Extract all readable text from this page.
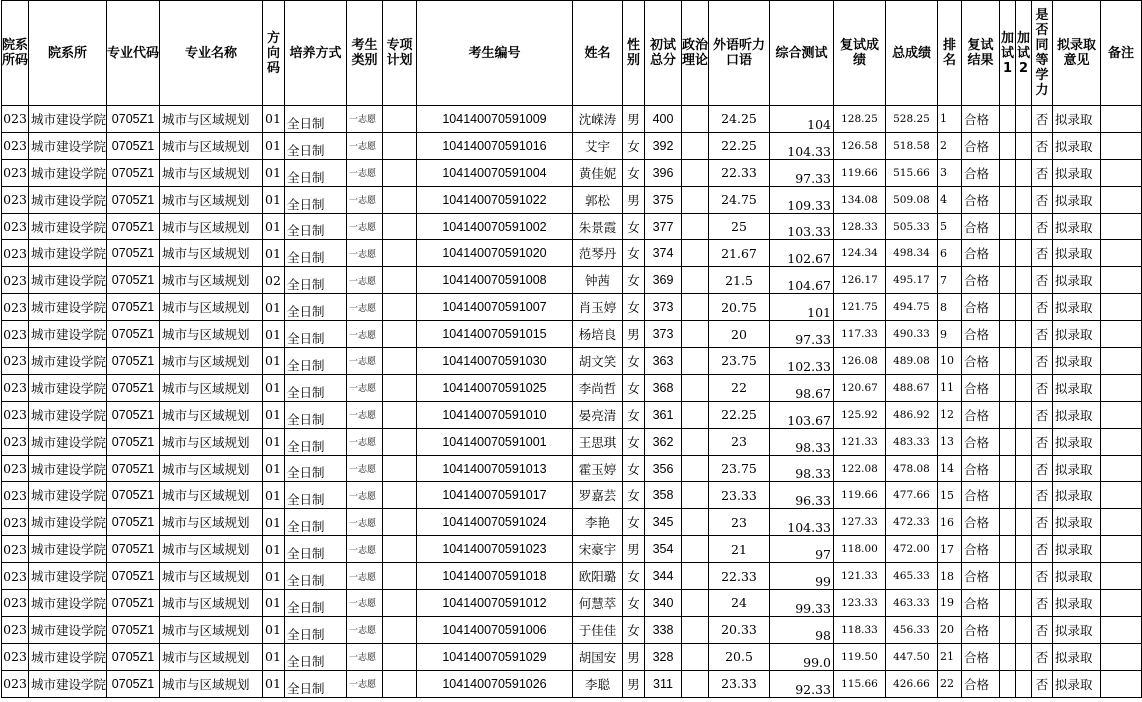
院系所码	院系所	专业代码	专业名称	方向码	培养方式	考生类别	专项计划	考生编号	姓名	性别	初试总分	政治理论	外语听力口语	综合测试	复试成绩	总成绩	排名	复试结果	加试1	加试2	是否同等学力	拟录取意见	备注
023	城市建设学院	0705Z1	城市与区域规划	01	全日制	一志愿		104140070591009	沈嵘涛	男	400		24.25	104	128.25	528.25	1	合格			否	拟录取	
023	城市建设学院	0705Z1	城市与区域规划	01	全日制	一志愿		104140070591016	艾宇	女	392		22.25	104.33	126.58	518.58	2	合格			否	拟录取	
023	城市建设学院	0705Z1	城市与区域规划	01	全日制	一志愿		104140070591004	黄佳妮	女	396		22.33	97.33	119.66	515.66	3	合格			否	拟录取	
023	城市建设学院	0705Z1	城市与区域规划	01	全日制	一志愿		104140070591022	郭松	男	375		24.75	109.33	134.08	509.08	4	合格			否	拟录取	
023	城市建设学院	0705Z1	城市与区域规划	01	全日制	一志愿		104140070591002	朱景霞	女	377		25	103.33	128.33	505.33	5	合格			否	拟录取	
023	城市建设学院	0705Z1	城市与区域规划	01	全日制	一志愿		104140070591020	范琴丹	女	374		21.67	102.67	124.34	498.34	6	合格			否	拟录取	
023	城市建设学院	0705Z1	城市与区域规划	02	全日制	一志愿		104140070591008	钟茜	女	369		21.5	104.67	126.17	495.17	7	合格			否	拟录取	
023	城市建设学院	0705Z1	城市与区域规划	01	全日制	一志愿		104140070591007	肖玉婷	女	373		20.75	101	121.75	494.75	8	合格			否	拟录取	
023	城市建设学院	0705Z1	城市与区域规划	01	全日制	一志愿		104140070591015	杨培良	男	373		20	97.33	117.33	490.33	9	合格			否	拟录取	
023	城市建设学院	0705Z1	城市与区域规划	01	全日制	一志愿		104140070591030	胡文笑	女	363		23.75	102.33	126.08	489.08	10	合格			否	拟录取	
023	城市建设学院	0705Z1	城市与区域规划	01	全日制	一志愿		104140070591025	李尚哲	女	368		22	98.67	120.67	488.67	11	合格			否	拟录取	
023	城市建设学院	0705Z1	城市与区域规划	01	全日制	一志愿		104140070591010	晏亮清	女	361		22.25	103.67	125.92	486.92	12	合格			否	拟录取	
023	城市建设学院	0705Z1	城市与区域规划	01	全日制	一志愿		104140070591001	王思琪	女	362		23	98.33	121.33	483.33	13	合格			否	拟录取	
023	城市建设学院	0705Z1	城市与区域规划	01	全日制	一志愿		104140070591013	霍玉婷	女	356		23.75	98.33	122.08	478.08	14	合格			否	拟录取	
023	城市建设学院	0705Z1	城市与区域规划	01	全日制	一志愿		104140070591017	罗嘉芸	女	358		23.33	96.33	119.66	477.66	15	合格			否	拟录取	
023	城市建设学院	0705Z1	城市与区域规划	01	全日制	一志愿		104140070591024	李艳	女	345		23	104.33	127.33	472.33	16	合格			否	拟录取	
023	城市建设学院	0705Z1	城市与区域规划	01	全日制	一志愿		104140070591023	宋豪宇	男	354		21	97	118.00	472.00	17	合格			否	拟录取	
023	城市建设学院	0705Z1	城市与区域规划	01	全日制	一志愿		104140070591018	欧阳璐	女	344		22.33	99	121.33	465.33	18	合格			否	拟录取	
023	城市建设学院	0705Z1	城市与区域规划	01	全日制	一志愿		104140070591012	何慧萃	女	340		24	99.33	123.33	463.33	19	合格			否	拟录取	
023	城市建设学院	0705Z1	城市与区域规划	01	全日制	一志愿		104140070591006	于佳佳	女	338		20.33	98	118.33	456.33	20	合格			否	拟录取	
023	城市建设学院	0705Z1	城市与区域规划	01	全日制	一志愿		104140070591029	胡国安	男	328		20.5	99.0	119.50	447.50	21	合格			否	拟录取	
023	城市建设学院	0705Z1	城市与区域规划	01	全日制	一志愿		104140070591026	李聪	男	311		23.33	92.33	115.66	426.66	22	合格			否	拟录取	
